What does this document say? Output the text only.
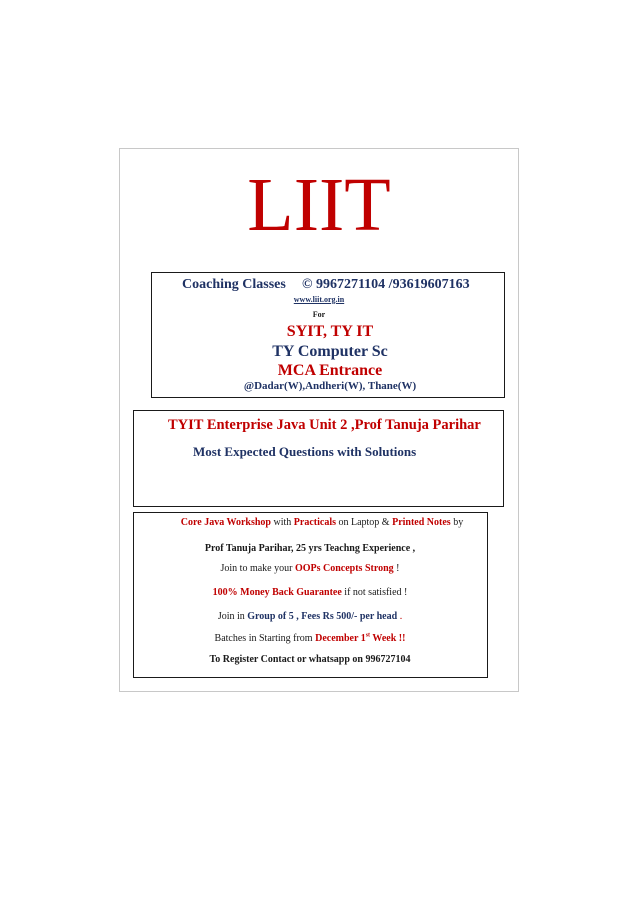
LIIT
Coaching Classes © 9967271104 /93619607163
www.liit.org.in
For
SYIT, TY IT
TY Computer Sc
MCA Entrance
@Dadar(W),Andheri(W), Thane(W)
TYIT Enterprise Java Unit 2 ,Prof Tanuja Parihar
Most Expected Questions with Solutions
Core Java Workshop with Practicals on Laptop & Printed Notes by
Prof Tanuja Parihar, 25 yrs Teachng Experience ,
Join to make your OOPs Concepts Strong !
100% Money Back Guarantee if not satisfied !
Join in Group of 5 , Fees Rs 500/- per head .
Batches in Starting from December 1st Week !!
To Register Contact or whatsapp on 996727104
